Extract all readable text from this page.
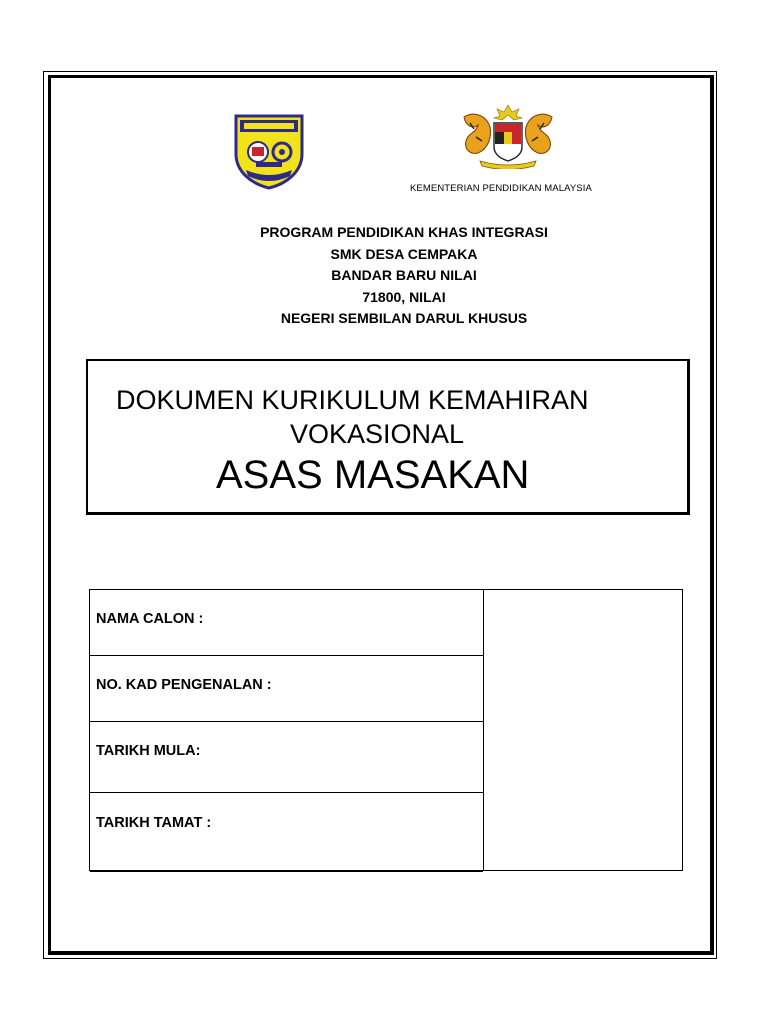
KEMENTERIAN PENDIDIKAN MALAYSIA
PROGRAM PENDIDIKAN KHAS INTEGRASI
SMK DESA CEMPAKA
BANDAR BARU NILAI
71800, NILAI
NEGERI SEMBILAN DARUL KHUSUS
DOKUMEN KURIKULUM KEMAHIRAN
VOKASIONAL
ASAS MASAKAN
NAMA CALON :
NO. KAD PENGENALAN :
TARIKH MULA:
TARIKH TAMAT :
